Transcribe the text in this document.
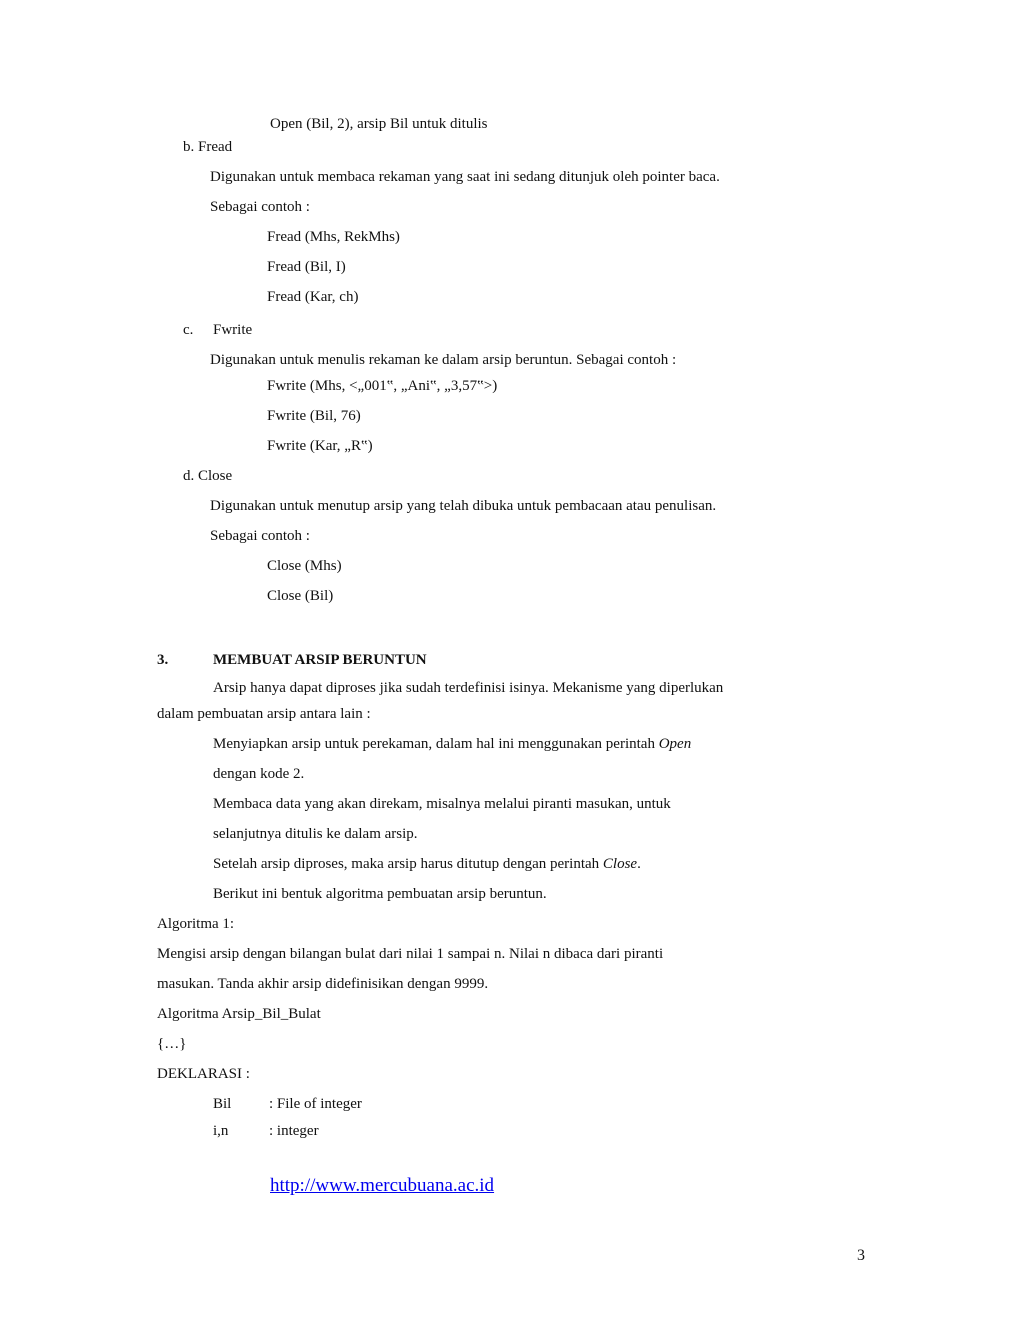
Open (Bil, 2), arsip Bil untuk ditulis
b. Fread
Digunakan untuk membaca rekaman yang saat ini sedang ditunjuk oleh pointer baca.
Sebagai contoh :
Fread (Mhs, RekMhs)
Fread (Bil, I)
Fread (Kar, ch)
c. Fwrite
Digunakan untuk menulis rekaman ke dalam arsip beruntun. Sebagai contoh :
Fwrite (Mhs, <„001‟, „Ani‟, „3,57‟>)
Fwrite (Bil, 76)
Fwrite (Kar, „R‟)
d. Close
Digunakan untuk menutup arsip yang telah dibuka untuk pembacaan atau penulisan.
Sebagai contoh :
Close (Mhs)
Close (Bil)
3.	MEMBUAT ARSIP BERUNTUN
Arsip hanya dapat diproses jika sudah terdefinisi isinya. Mekanisme yang diperlukan
dalam pembuatan arsip antara lain :
Menyiapkan arsip untuk perekaman, dalam hal ini menggunakan perintah Open
dengan kode 2.
Membaca data yang akan direkam, misalnya melalui piranti masukan, untuk
selanjutnya ditulis ke dalam arsip.
Setelah arsip diproses, maka arsip harus ditutup dengan perintah Close.
Berikut ini bentuk algoritma pembuatan arsip beruntun.
Algoritma 1:
Mengisi arsip dengan bilangan bulat dari nilai 1 sampai n. Nilai n dibaca dari piranti
masukan. Tanda akhir arsip didefinisikan dengan 9999.
Algoritma Arsip_Bil_Bulat
{…}
DEKLARASI :
Bil	: File of integer
i,n	: integer
http://www.mercubuana.ac.id
3
